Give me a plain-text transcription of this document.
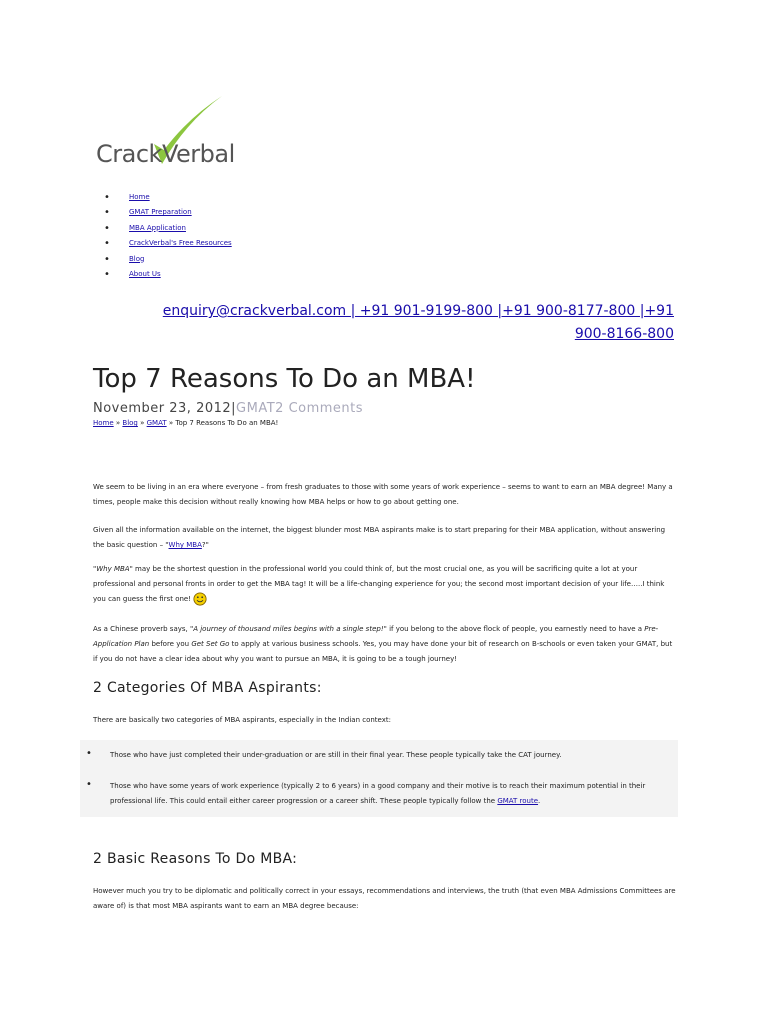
CrackVerbal
• Home
• GMAT Preparation
• MBA Application
• CrackVerbal's Free Resources
• Blog
• About Us
enquiry@crackverbal.com | +91 901-9199-800 |+91 900-8177-800 |+91
900-8166-800
Top 7 Reasons To Do an MBA!
November 23, 2012|GMAT2 Comments
Home » Blog » GMAT » Top 7 Reasons To Do an MBA!

We seem to be living in an era where everyone – from fresh graduates to those with some years of work experience – seems to want to earn an MBA degree! Many a times, people make this decision without really knowing how MBA helps or how to go about getting one.

Given all the information available on the internet, the biggest blunder most MBA aspirants make is to start preparing for their MBA application, without answering the basic question – "Why MBA?"

"Why MBA" may be the shortest question in the professional world you could think of, but the most crucial one, as you will be sacrificing quite a lot at your professional and personal fronts in order to get the MBA tag! It will be a life-changing experience for you; the second most important decision of your life…..I think you can guess the first one!

As a Chinese proverb says, "A journey of thousand miles begins with a single step!" if you belong to the above flock of people, you earnestly need to have a Pre-Application Plan before you Get Set Go to apply at various business schools. Yes, you may have done your bit of research on B-schools or even taken your GMAT, but if you do not have a clear idea about why you want to pursue an MBA, it is going to be a tough journey!

2 Categories Of MBA Aspirants:

There are basically two categories of MBA aspirants, especially in the Indian context:

• Those who have just completed their under-graduation or are still in their final year. These people typically take the CAT journey.
• Those who have some years of work experience (typically 2 to 6 years) in a good company and their motive is to reach their maximum potential in their professional life. This could entail either career progression or a career shift. These people typically follow the GMAT route.
2 Basic Reasons To Do MBA:

However much you try to be diplomatic and politically correct in your essays, recommendations and interviews, the truth (that even MBA Admissions Committees are aware of) is that most MBA aspirants want to earn an MBA degree because:
